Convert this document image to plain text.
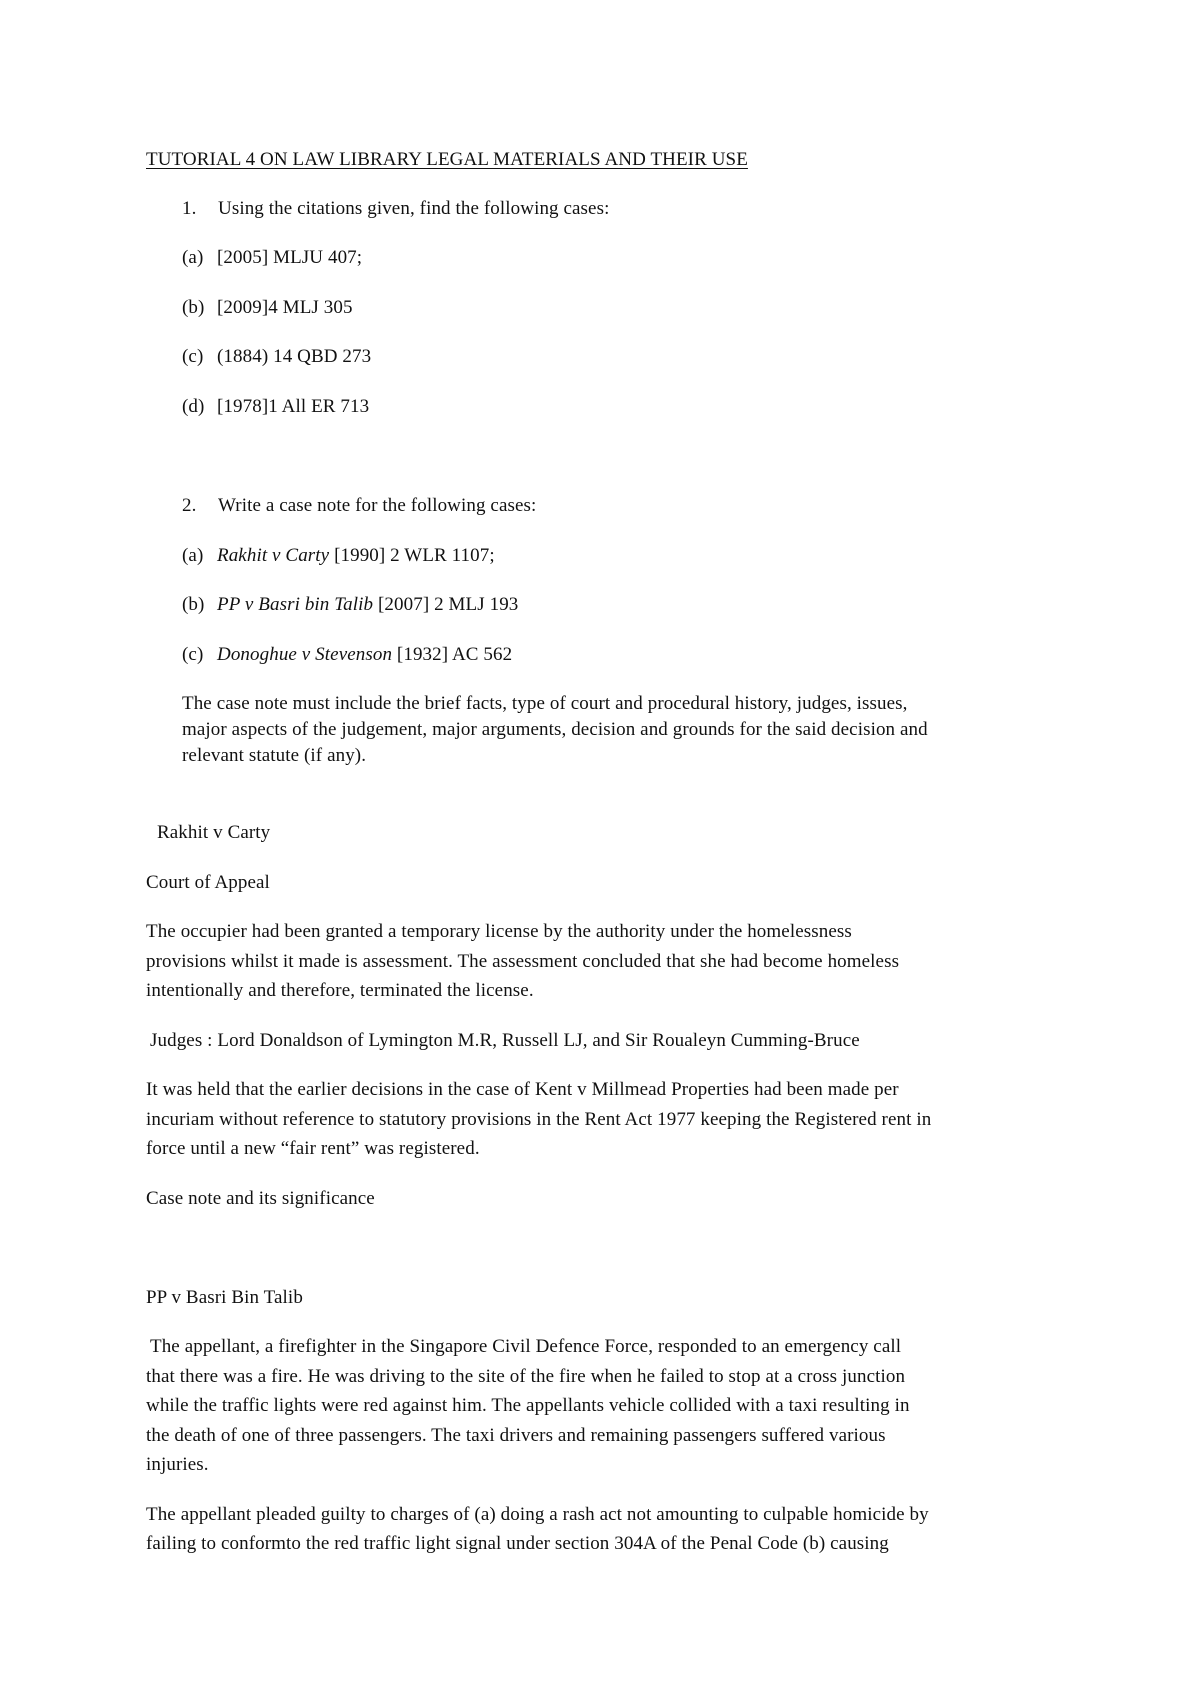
TUTORIAL 4 ON LAW LIBRARY LEGAL MATERIALS AND THEIR USE
1. Using the citations given, find the following cases:
(a) [2005] MLJU 407;
(b) [2009]4 MLJ 305
(c) (1884) 14 QBD 273
(d) [1978]1 All ER 713
2. Write a case note for the following cases:
(a) Rakhit v Carty [1990] 2 WLR 1107;
(b) PP v Basri bin Talib [2007] 2 MLJ 193
(c) Donoghue v Stevenson [1932] AC 562
The case note must include the brief facts, type of court and procedural history, judges, issues,
major aspects of the judgement, major arguments, decision and grounds for the said decision and
relevant statute (if any).
Rakhit v Carty
Court of Appeal
The occupier had been granted a temporary license by the authority under the homelessness
provisions whilst it made is assessment. The assessment concluded that she had become homeless
intentionally and therefore, terminated the license.
Judges : Lord Donaldson of Lymington M.R, Russell LJ, and Sir Roualeyn Cumming-Bruce
It was held that the earlier decisions in the case of Kent v Millmead Properties had been made per
incuriam without reference to statutory provisions in the Rent Act 1977 keeping the Registered rent in
force until a new “fair rent” was registered.
Case note and its significance
PP v Basri Bin Talib
The appellant, a firefighter in the Singapore Civil Defence Force, responded to an emergency call
that there was a fire. He was driving to the site of the fire when he failed to stop at a cross junction
while the traffic lights were red against him. The appellants vehicle collided with a taxi resulting in
the death of one of three passengers. The taxi drivers and remaining passengers suffered various
injuries.
The appellant pleaded guilty to charges of (a) doing a rash act not amounting to culpable homicide by
failing to conformto the red traffic light signal under section 304A of the Penal Code (b) causing
